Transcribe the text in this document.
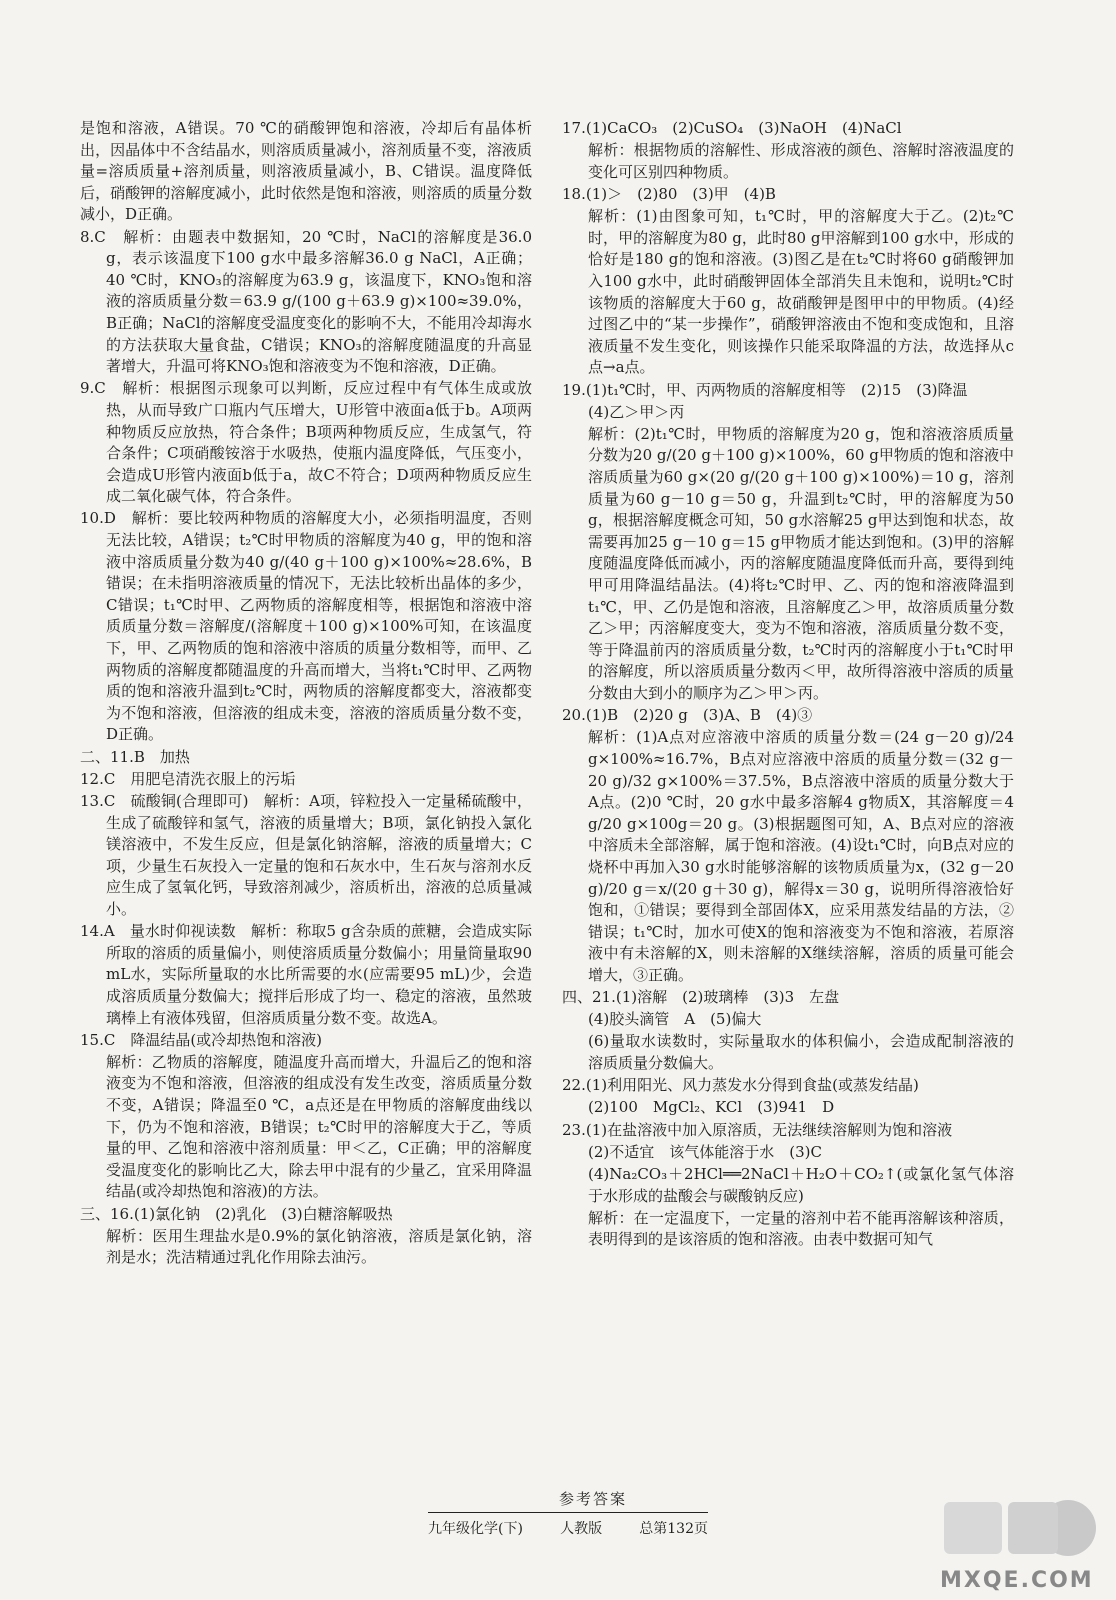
是饱和溶液，A错误。70 ℃的硝酸钾饱和溶液，冷却后有晶体析出，因晶体中不含结晶水，则溶质质量减小，溶剂质量不变，溶液质量=溶质质量+溶剂质量，则溶液质量减小，B、C错误。温度降低后，硝酸钾的溶解度减小，此时依然是饱和溶液，则溶质的质量分数减小，D正确。

8.C　解析：由题表中数据知，20 ℃时，NaCl的溶解度是36.0 g，表示该温度下100 g水中最多溶解36.0 g NaCl，A正确；40 ℃时，KNO₃的溶解度为63.9 g，该温度下，KNO₃饱和溶液的溶质质量分数＝63.9 g/(100 g＋63.9 g)×100≈39.0%，B正确；NaCl的溶解度受温度变化的影响不大，不能用冷却海水的方法获取大量食盐，C错误；KNO₃的溶解度随温度的升高显著增大，升温可将KNO₃饱和溶液变为不饱和溶液，D正确。

9.C　解析：根据图示现象可以判断，反应过程中有气体生成或放热，从而导致广口瓶内气压增大，U形管中液面a低于b。A项两种物质反应放热，符合条件；B项两种物质反应，生成氢气，符合条件；C项硝酸铵溶于水吸热，使瓶内温度降低，气压变小，会造成U形管内液面b低于a，故C不符合；D项两种物质反应生成二氧化碳气体，符合条件。

10.D　解析：要比较两种物质的溶解度大小，必须指明温度，否则无法比较，A错误；t₂℃时甲物质的溶解度为40 g，甲的饱和溶液中溶质质量分数为40 g/(40 g＋100 g)×100%≈28.6%，B错误；在未指明溶液质量的情况下，无法比较析出晶体的多少，C错误；t₁℃时甲、乙两物质的溶解度相等，根据饱和溶液中溶质质量分数＝溶解度/(溶解度＋100 g)×100%可知，在该温度下，甲、乙两物质的饱和溶液中溶质的质量分数相等，而甲、乙两物质的溶解度都随温度的升高而增大，当将t₁℃时甲、乙两物质的饱和溶液升温到t₂℃时，两物质的溶解度都变大，溶液都变为不饱和溶液，但溶液的组成未变，溶液的溶质质量分数不变，D正确。

二、11.B　加热

12.C　用肥皂清洗衣服上的污垢

13.C　硫酸铜(合理即可)　解析：A项，锌粒投入一定量稀硫酸中，生成了硫酸锌和氢气，溶液的质量增大；B项，氯化钠投入氯化镁溶液中，不发生反应，但是氯化钠溶解，溶液的质量增大；C项，少量生石灰投入一定量的饱和石灰水中，生石灰与溶剂水反应生成了氢氧化钙，导致溶剂减少，溶质析出，溶液的总质量减小。

14.A　量水时仰视读数　解析：称取5 g含杂质的蔗糖，会造成实际所取的溶质的质量偏小，则使溶质质量分数偏小；用量筒量取90 mL水，实际所量取的水比所需要的水(应需要95 mL)少，会造成溶质质量分数偏大；搅拌后形成了均一、稳定的溶液，虽然玻璃棒上有液体残留，但溶质质量分数不变。故选A。

15.C　降温结晶(或冷却热饱和溶液)

解析：乙物质的溶解度，随温度升高而增大，升温后乙的饱和溶液变为不饱和溶液，但溶液的组成没有发生改变，溶质质量分数不变，A错误；降温至0 ℃，a点还是在甲物质的溶解度曲线以下，仍为不饱和溶液，B错误；t₂℃时甲的溶解度大于乙，等质量的甲、乙饱和溶液中溶剂质量：甲＜乙，C正确；甲的溶解度受温度变化的影响比乙大，除去甲中混有的少量乙，宜采用降温结晶(或冷却热饱和溶液)的方法。

三、16.(1)氯化钠　(2)乳化　(3)白糖溶解吸热

解析：医用生理盐水是0.9%的氯化钠溶液，溶质是氯化钠，溶剂是水；洗洁精通过乳化作用除去油污。

17.(1)CaCO₃　(2)CuSO₄　(3)NaOH　(4)NaCl

解析：根据物质的溶解性、形成溶液的颜色、溶解时溶液温度的变化可区别四种物质。

18.(1)＞　(2)80　(3)甲　(4)B

解析：(1)由图象可知，t₁℃时，甲的溶解度大于乙。(2)t₂℃时，甲的溶解度为80 g，此时80 g甲溶解到100 g水中，形成的恰好是180 g的饱和溶液。(3)图乙是在t₂℃时将60 g硝酸钾加入100 g水中，此时硝酸钾固体全部消失且未饱和，说明t₂℃时该物质的溶解度大于60 g，故硝酸钾是图甲中的甲物质。(4)经过图乙中的“某一步操作”，硝酸钾溶液由不饱和变成饱和，且溶液质量不发生变化，则该操作只能采取降温的方法，故选择从c点→a点。

19.(1)t₁℃时，甲、丙两物质的溶解度相等　(2)15　(3)降温

(4)乙＞甲＞丙

解析：(2)t₁℃时，甲物质的溶解度为20 g，饱和溶液溶质质量分数为20 g/(20 g＋100 g)×100%，60 g甲物质的饱和溶液中溶质质量为60 g×(20 g/(20 g＋100 g)×100%)＝10 g，溶剂质量为60 g－10 g＝50 g，升温到t₂℃时，甲的溶解度为50 g，根据溶解度概念可知，50 g水溶解25 g甲达到饱和状态，故需要再加25 g－10 g＝15 g甲物质才能达到饱和。(3)甲的溶解度随温度降低而减小，丙的溶解度随温度降低而升高，要得到纯甲可用降温结晶法。(4)将t₂℃时甲、乙、丙的饱和溶液降温到t₁℃，甲、乙仍是饱和溶液，且溶解度乙＞甲，故溶质质量分数乙＞甲；丙溶解度变大，变为不饱和溶液，溶质质量分数不变，等于降温前丙的溶质质量分数，t₂℃时丙的溶解度小于t₁℃时甲的溶解度，所以溶质质量分数丙＜甲，故所得溶液中溶质的质量分数由大到小的顺序为乙＞甲＞丙。

20.(1)B　(2)20 g　(3)A、B　(4)③

解析：(1)A点对应溶液中溶质的质量分数＝(24 g－20 g)/24 g×100%≈16.7%，B点对应溶液中溶质的质量分数＝(32 g－20 g)/32 g×100%＝37.5%，B点溶液中溶质的质量分数大于A点。(2)0 ℃时，20 g水中最多溶解4 g物质X，其溶解度＝4 g/20 g×100g＝20 g。(3)根据题图可知，A、B点对应的溶液中溶质未全部溶解，属于饱和溶液。(4)设t₁℃时，向B点对应的烧杯中再加入30 g水时能够溶解的该物质质量为x，(32 g－20 g)/20 g＝x/(20 g＋30 g)，解得x＝30 g，说明所得溶液恰好饱和，①错误；要得到全部固体X，应采用蒸发结晶的方法，②错误；t₁℃时，加水可使X的饱和溶液变为不饱和溶液，若原溶液中有未溶解的X，则未溶解的X继续溶解，溶质的质量可能会增大，③正确。

四、21.(1)溶解　(2)玻璃棒　(3)3　左盘

(4)胶头滴管　A　(5)偏大

(6)量取水读数时，实际量取水的体积偏小，会造成配制溶液的溶质质量分数偏大。

22.(1)利用阳光、风力蒸发水分得到食盐(或蒸发结晶)

(2)100　MgCl₂、KCl　(3)941　D

23.(1)在盐溶液中加入原溶质，无法继续溶解则为饱和溶液

(2)不适宜　该气体能溶于水　(3)C

(4)Na₂CO₃＋2HCl══2NaCl＋H₂O＋CO₂↑(或氯化氢气体溶于水形成的盐酸会与碳酸钠反应)

解析：在一定温度下，一定量的溶剂中若不能再溶解该种溶质，表明得到的是该溶质的饱和溶液。由表中数据可知气

参考答案
九年级化学(下)	人教版	总第132页
MXQE.COM
